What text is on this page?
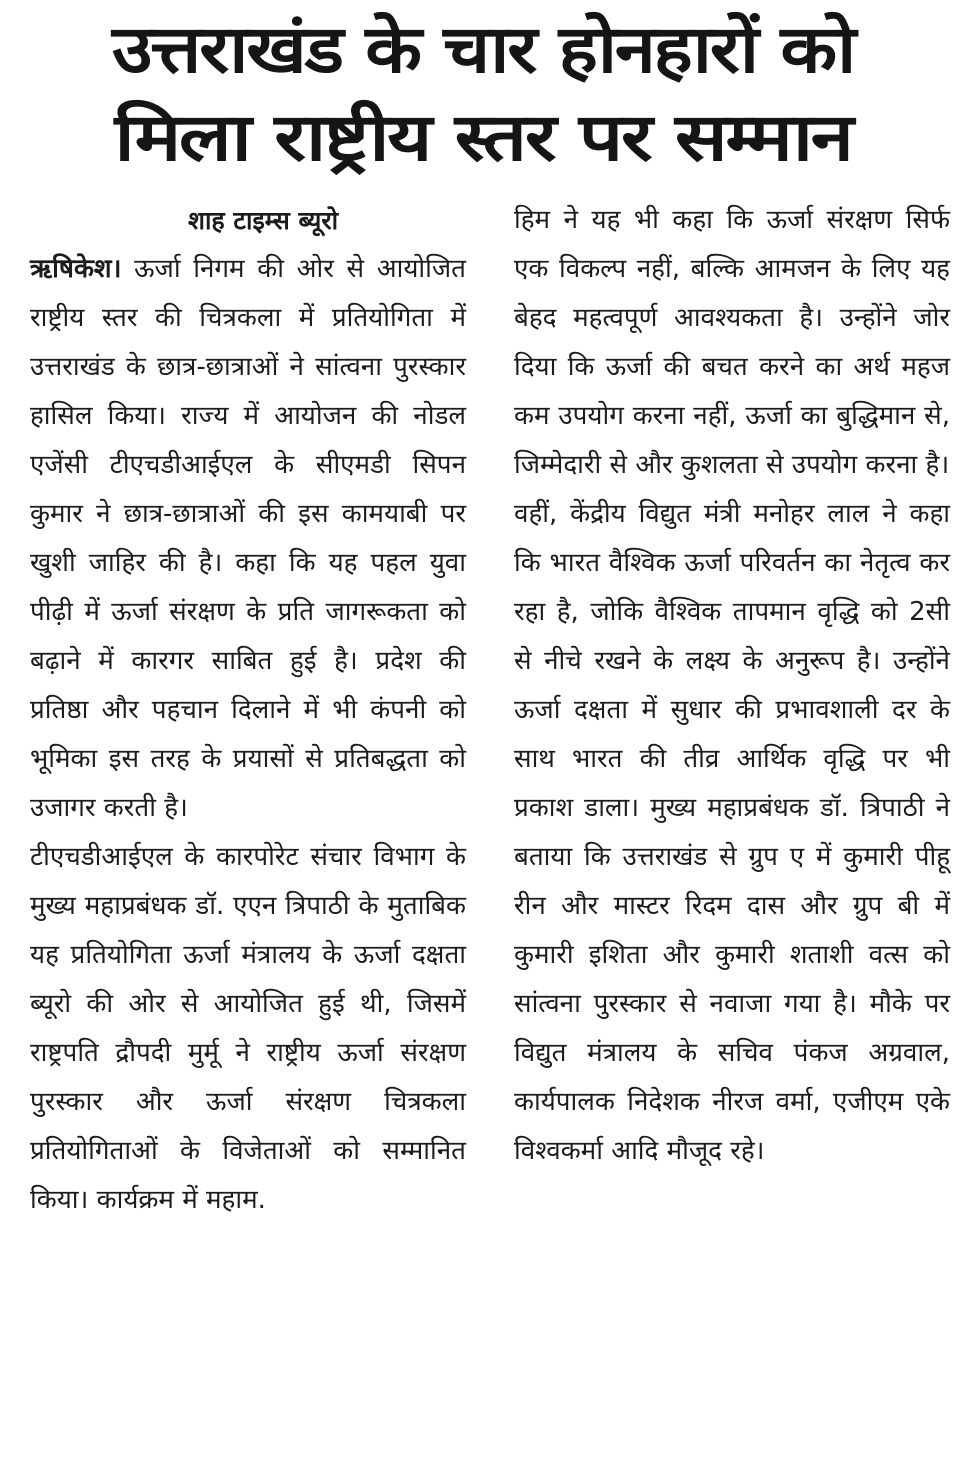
उत्तराखंड के चार होनहारों को
मिला राष्ट्रीय स्तर पर सम्मान
शाह टाइम्स ब्यूरो

ऋषिकेश। ऊर्जा निगम की ओर से आयोजित राष्ट्रीय स्तर की चित्रकला में प्रतियोगिता में उत्तराखंड के छात्र-छात्राओं ने सांत्वना पुरस्कार हासिल किया। राज्य में आयोजन की नोडल एजेंसी टीएचडीआईएल के सीएमडी सिपन कुमार ने छात्र-छात्राओं की इस कामयाबी पर खुशी जाहिर की है। कहा कि यह पहल युवा पीढ़ी में ऊर्जा संरक्षण के प्रति जागरूकता को बढ़ाने में कारगर साबित हुई है। प्रदेश की प्रतिष्ठा और पहचान दिलाने में भी कंपनी को भूमिका इस तरह के प्रयासों से प्रतिबद्धता को उजागर करती है।

टीएचडीआईएल के कारपोरेट संचार विभाग के मुख्य महाप्रबंधक डॉ. एएन त्रिपाठी के मुताबिक यह प्रतियोगिता ऊर्जा मंत्रालय के ऊर्जा दक्षता ब्यूरो की ओर से आयोजित हुई थी, जिसमें राष्ट्रपति द्रौपदी मुर्मू ने राष्ट्रीय ऊर्जा संरक्षण पुरस्कार और ऊर्जा संरक्षण चित्रकला प्रतियोगिताओं के विजेताओं को सम्मानित किया। कार्यक्रम में महाम.

हिम ने यह भी कहा कि ऊर्जा संरक्षण सिर्फ एक विकल्प नहीं, बल्कि आमजन के लिए यह बेहद महत्वपूर्ण आवश्यकता है। उन्होंने जोर दिया कि ऊर्जा की बचत करने का अर्थ महज कम उपयोग करना नहीं, ऊर्जा का बुद्धिमान से, जिम्मेदारी से और कुशलता से उपयोग करना है।

वहीं, केंद्रीय विद्युत मंत्री मनोहर लाल ने कहा कि भारत वैश्विक ऊर्जा परिवर्तन का नेतृत्व कर रहा है, जोकि वैश्विक तापमान वृद्धि को 2सी से नीचे रखने के लक्ष्य के अनुरूप है। उन्होंने ऊर्जा दक्षता में सुधार की प्रभावशाली दर के साथ भारत की तीव्र आर्थिक वृद्धि पर भी प्रकाश डाला। मुख्य महाप्रबंधक डॉ. त्रिपाठी ने बताया कि उत्तराखंड से ग्रुप ए में कुमारी पीहू रीन और मास्टर रिदम दास और ग्रुप बी में कुमारी इशिता और कुमारी शताशी वत्स को सांत्वना पुरस्कार से नवाजा गया है। मौके पर विद्युत मंत्रालय के सचिव पंकज अग्रवाल, कार्यपालक निदेशक नीरज वर्मा, एजीएम एके विश्वकर्मा आदि मौजूद रहे।
